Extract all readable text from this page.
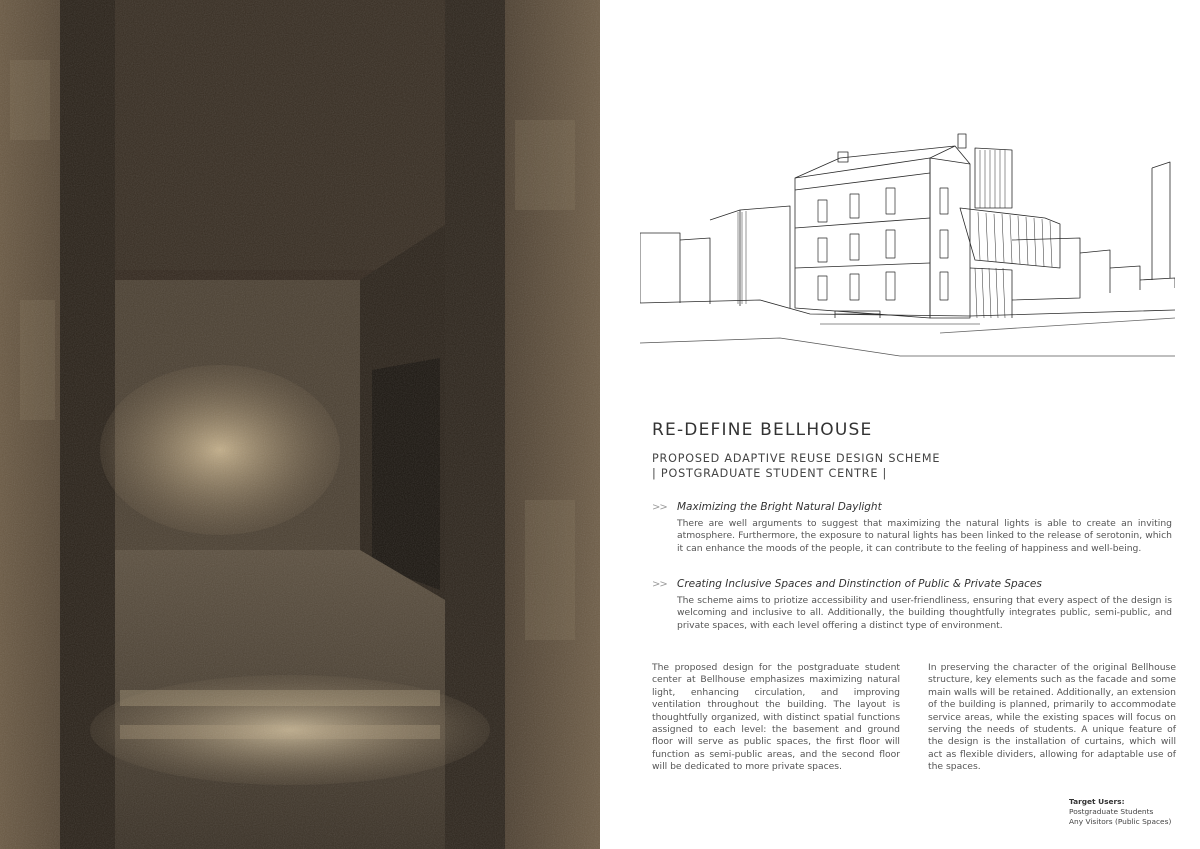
RE-DEFINE BELLHOUSE
PROPOSED ADAPTIVE REUSE DESIGN SCHEME
| POSTGRADUATE STUDENT CENTRE |
>> Maximizing the Bright Natural Daylight
There are well arguments to suggest that maximizing the natural lights is able to create an inviting atmosphere. Furthermore, the exposure to natural lights has been linked to the release of serotonin, which it can enhance the moods of the people, it can contribute to the feeling of happiness and well-being.
>> Creating Inclusive Spaces and Dinstinction of Public & Private Spaces
The scheme aims to priotize accessibility and user-friendliness, ensuring that every aspect of the design is welcoming and inclusive to all. Additionally, the building thoughtfully integrates public, semi-public, and private spaces, with each level offering a distinct type of environment.
The proposed design for the postgraduate student center at Bellhouse emphasizes maximizing natural light, enhancing circulation, and improving ventilation throughout the building. The layout is thoughtfully organized, with distinct spatial functions assigned to each level: the basement and ground floor will serve as public spaces, the first floor will function as semi-public areas, and the second floor will be dedicated to more private spaces.
In preserving the character of the original Bellhouse structure, key elements such as the facade and some main walls will be retained. Additionally, an extension of the building is planned, primarily to accommodate service areas, while the existing spaces will focus on serving the needs of students. A unique feature of the design is the installation of curtains, which will act as flexible dividers, allowing for adaptable use of the spaces.
Target Users:
Postgraduate Students
Any Visitors (Public Spaces)
